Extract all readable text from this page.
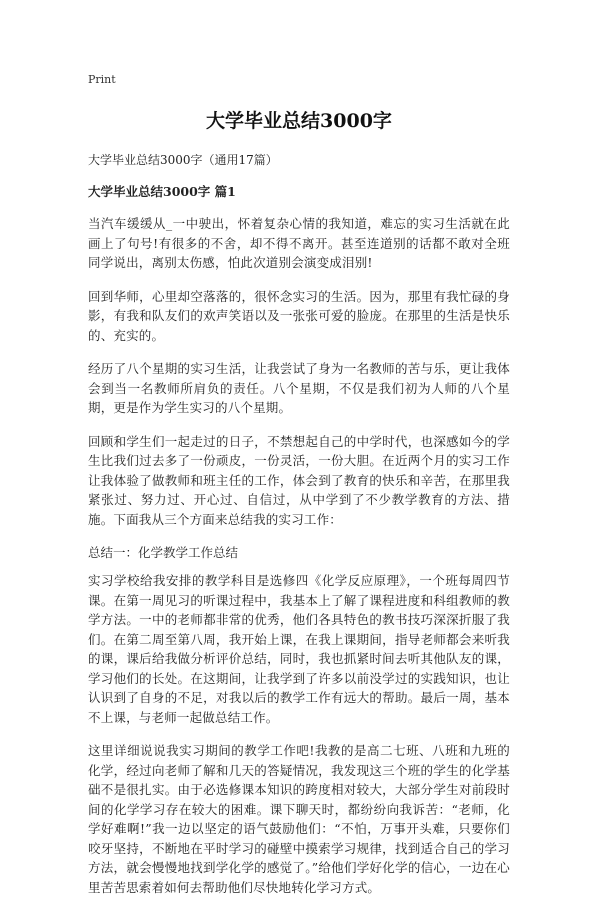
Print
大学毕业总结3000字

大学毕业总结3000字（通用17篇）

大学毕业总结3000字 篇1

当汽车缓缓从_一中驶出，怀着复杂心情的我知道，难忘的实习生活就在此画上了句号!有很多的不舍，却不得不离开。甚至连道别的话都不敢对全班同学说出，离别太伤感，怕此次道别会演变成泪别!

回到华师，心里却空落落的，很怀念实习的生活。因为，那里有我忙碌的身影，有我和队友们的欢声笑语以及一张张可爱的脸庞。在那里的生活是快乐的、充实的。

经历了八个星期的实习生活，让我尝试了身为一名教师的苦与乐，更让我体会到当一名教师所肩负的责任。八个星期，不仅是我们初为人师的八个星期，更是作为学生实习的八个星期。

回顾和学生们一起走过的日子，不禁想起自己的中学时代，也深感如今的学生比我们过去多了一份顽皮，一份灵活，一份大胆。在近两个月的实习工作让我体验了做教师和班主任的工作，体会到了教育的快乐和辛苦，在那里我紧张过、努力过、开心过、自信过，从中学到了不少教学教育的方法、措施。下面我从三个方面来总结我的实习工作：

总结一：化学教学工作总结

实习学校给我安排的教学科目是选修四《化学反应原理》，一个班每周四节课。在第一周见习的听课过程中，我基本上了解了课程进度和科组教师的教学方法。一中的老师都非常的优秀，他们各具特色的教书技巧深深折服了我们。在第二周至第八周，我开始上课，在我上课期间，指导老师都会来听我的课，课后给我做分析评价总结，同时，我也抓紧时间去听其他队友的课，学习他们的长处。在这期间，让我学到了许多以前没学过的实践知识，也让认识到了自身的不足，对我以后的教学工作有远大的帮助。最后一周，基本不上课，与老师一起做总结工作。

这里详细说说我实习期间的教学工作吧!我教的是高二七班、八班和九班的化学，经过向老师了解和几天的答疑情况，我发现这三个班的学生的化学基础不是很扎实。由于必选修课本知识的跨度相对较大，大部分学生对前段时间的化学学习存在较大的困难。课下聊天时，都纷纷向我诉苦：“老师，化学好难啊!”我一边以坚定的语气鼓励他们：“不怕，万事开头难，只要你们咬牙坚持，不断地在平时学习的碰壁中摸索学习规律，找到适合自己的学习方法，就会慢慢地找到学化学的感觉了。”给他们学好化学的信心，一边在心里苦苦思索着如何去帮助他们尽快地转化学习方式。
